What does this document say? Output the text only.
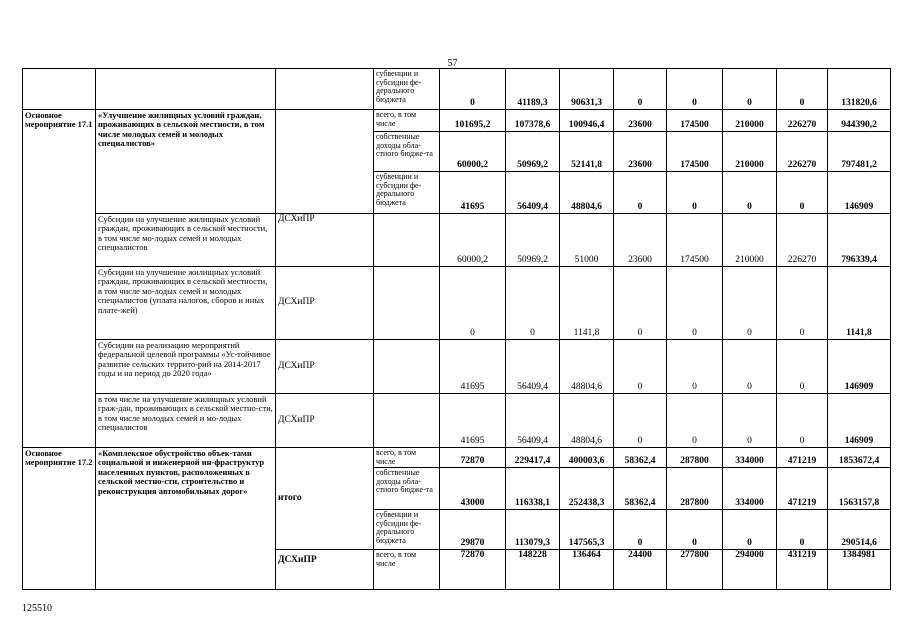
57
			субвенции и субсидии фе-дерального бюджета	0	41189,3	90631,3	0	0	0	0	131820,6
Основное мероприятие 17.1	«Улучшение жилищных условий граждан, проживающих в сельской местности, в том числе молодых семей и молодых специалистов»		всего, в том числе	101695,2	107378,6	100946,4	23600	174500	210000	226270	944390,2
			собственные доходы обла-стного бюдже-та	60000,2	50969,2	52141,8	23600	174500	210000	226270	797481,2
			субвенции и субсидии фе-дерального бюджета	41695	56409,4	48804,6	0	0	0	0	146909
	Субсидии на улучшение жилищных условий граждан, проживающих в сельской местности, в том числе мо-лодых семей и молодых специалистов	ДСХиПР		60000,2	50969,2	51000	23600	174500	210000	226270	796339,4
	Субсидии на улучшение жилищных условий граждан, проживающих в сельской местности, в том числе мо-лодых семей и молодых специалистов (уплата налогов, сборов и иных плате-жей)	ДСХиПР		0	0	1141,8	0	0	0	0	1141,8
	Субсидии на реализацию мероприятий федеральной целевой программы «Ус-тойчивое развитие сельских террито-рий на 2014-2017 годы и на период до 2020 года»	ДСХиПР		41695	56409,4	48804,6	0	0	0	0	146909
	в том числе на улучшение жилищных условий граж-дан, проживающих в сельской местно-сти, в том числе молодых семей и мо-лодых специалистов	ДСХиПР		41695	56409,4	48804,6	0	0	0	0	146909
Основное мероприятие 17.2	«Комплексное обустройство объек-тами социальной и инженерной ин-фраструктур населенных пунктов, расположенных в сельской местно-сти, строительство и реконструкция автомобильных дорог»	итого	всего, в том числе	72870	229417,4	400003,6	58362,4	287800	334000	471219	1853672,4
			собственные доходы обла-стного бюдже-та	43000	116338,1	252438,3	58362,4	287800	334000	471219	1563157,8
			субвенции и субсидии фе-дерального бюджета	29870	113079,3	147565,3	0	0	0	0	290514,6
		ДСХиПР	всего, в том числе	72870	148228	136464	24400	277800	294000	431219	1384981
125510
